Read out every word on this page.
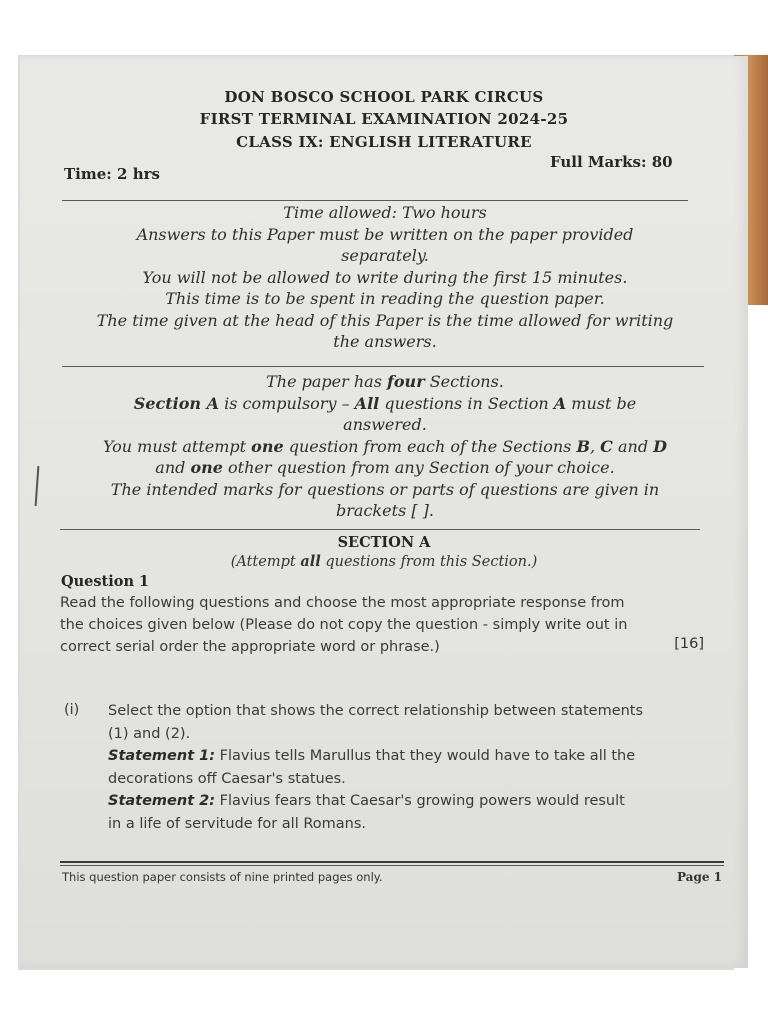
DON BOSCO SCHOOL PARK CIRCUS
FIRST TERMINAL EXAMINATION 2024-25
CLASS IX: ENGLISH LITERATURE
Time: 2 hrs
Full Marks: 80
Time allowed: Two hours
Answers to this Paper must be written on the paper provided
separately.
You will not be allowed to write during the first 15 minutes.
This time is to be spent in reading the question paper.
The time given at the head of this Paper is the time allowed for writing
the answers.
The paper has four Sections.
Section A is compulsory – All questions in Section A must be
answered.
You must attempt one question from each of the Sections B, C and D
and one other question from any Section of your choice.
The intended marks for questions or parts of questions are given in
brackets [ ].
SECTION A
(Attempt all questions from this Section.)
Question 1
Read the following questions and choose the most appropriate response from
the choices given below (Please do not copy the question - simply write out in
correct serial order the appropriate word or phrase.)	[16]
(i) Select the option that shows the correct relationship between statements
(1) and (2).
Statement 1: Flavius tells Marullus that they would have to take all the
decorations off Caesar's statues.
Statement 2: Flavius fears that Caesar's growing powers would result
in a life of servitude for all Romans.
This question paper consists of nine printed pages only.	Page 1
